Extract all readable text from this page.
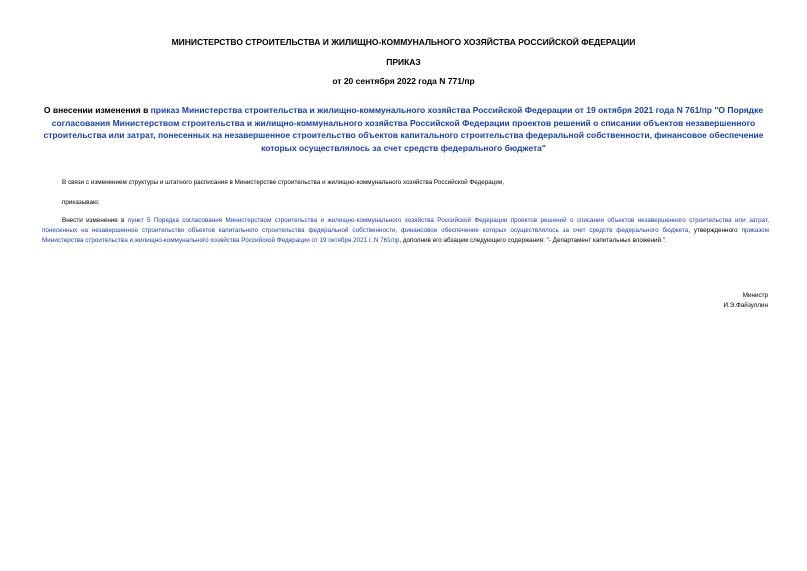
МИНИСТЕРСТВО СТРОИТЕЛЬСТВА И ЖИЛИЩНО-КОММУНАЛЬНОГО ХОЗЯЙСТВА РОССИЙСКОЙ ФЕДЕРАЦИИ
ПРИКАЗ
от 20 сентября 2022 года N 771/пр
О внесении изменения в приказ Министерства строительства и жилищно-коммунального хозяйства Российской Федерации от 19 октября 2021 года N 761/пр "О Порядке согласования Министерством строительства и жилищно-коммунального хозяйства Российской Федерации проектов решений о списании объектов незавершенного строительства или затрат, понесенных на незавершенное строительство объектов капитального строительства федеральной собственности, финансовое обеспечение которых осуществлялось за счет средств федерального бюджета"
В связи с изменением структуры и штатного расписания в Министерстве строительства и жилищно-коммунального хозяйства Российской Федерации,
приказываю:
Внести изменение в пункт 5 Порядка согласования Министерством строительства и жилищно-коммунального хозяйства Российской Федерации проектов решений о списании объектов незавершенного строительства или затрат, понесенных на незавершенное строительство объектов капитального строительства федеральной собственности, финансовое обеспечение которых осуществлялось за счет средств федерального бюджета, утвержденного приказом Министерства строительства и жилищно-коммунального хозяйства Российской Федерации от 19 октября 2021 г. N 761/пр, дополнив его абзацем следующего содержания: "- Департамент капитальных вложений.".
Министр
И.Э.Файзуллин
